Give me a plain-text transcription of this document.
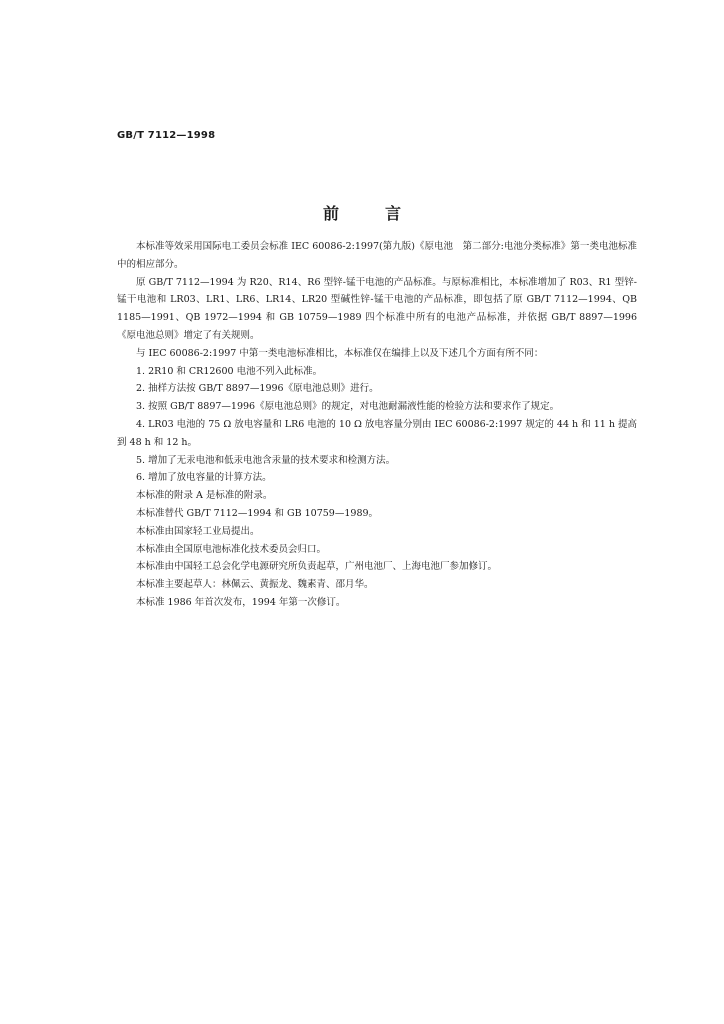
GB/T 7112—1998
前	言

本标准等效采用国际电工委员会标准 IEC 60086-2:1997(第九版)《原电池　第二部分:电池分类标准》第一类电池标准中的相应部分。

原 GB/T 7112—1994 为 R20、R14、R6 型锌-锰干电池的产品标准。与原标准相比，本标准增加了 R03、R1 型锌-锰干电池和 LR03、LR1、LR6、LR14、LR20 型碱性锌-锰干电池的产品标准，即包括了原 GB/T 7112—1994、QB 1185—1991、QB 1972—1994 和 GB 10759—1989 四个标准中所有的电池产品标准，并依据 GB/T 8897—1996《原电池总则》增定了有关规则。

与 IEC 60086-2:1997 中第一类电池标准相比，本标准仅在编排上以及下述几个方面有所不同：

1. 2R10 和 CR12600 电池不列入此标准。

2. 抽样方法按 GB/T 8897—1996《原电池总则》进行。

3. 按照 GB/T 8897—1996《原电池总则》的规定，对电池耐漏液性能的检验方法和要求作了规定。

4. LR03 电池的 75 Ω 放电容量和 LR6 电池的 10 Ω 放电容量分别由 IEC 60086-2:1997 规定的 44 h 和 11 h 提高到 48 h 和 12 h。

5. 增加了无汞电池和低汞电池含汞量的技术要求和检测方法。

6. 增加了放电容量的计算方法。

本标准的附录 A 是标准的附录。

本标准替代 GB/T 7112—1994 和 GB 10759—1989。

本标准由国家轻工业局提出。

本标准由全国原电池标准化技术委员会归口。

本标准由中国轻工总会化学电源研究所负责起草，广州电池厂、上海电池厂参加修订。

本标准主要起草人：林佩云、黄振龙、魏素青、邵月华。

本标准 1986 年首次发布，1994 年第一次修订。
